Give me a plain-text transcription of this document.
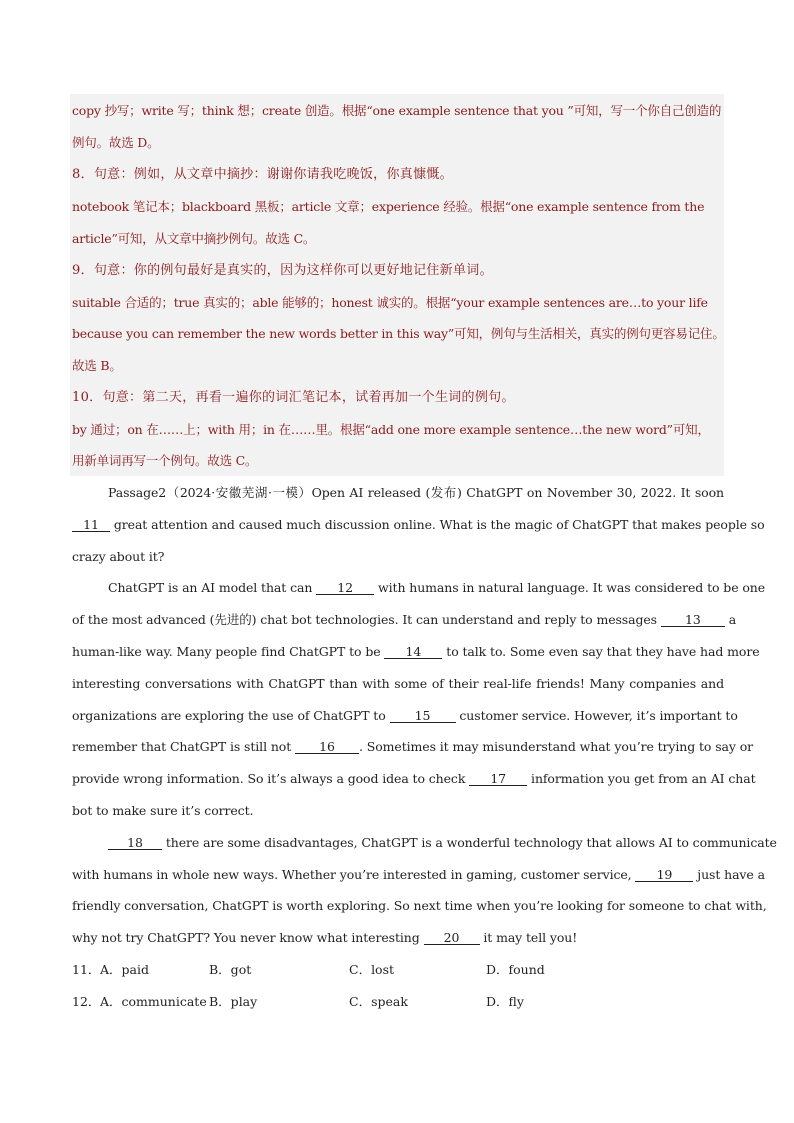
copy 抄写；write 写；think 想；create 创造。根据“one example sentence that you ”可知，写一个你自己创造的
例句。故选 D。
8．句意：例如，从文章中摘抄：谢谢你请我吃晚饭，你真慷慨。
notebook 笔记本；blackboard 黑板；article 文章；experience 经验。根据“one example sentence from the
article”可知，从文章中摘抄例句。故选 C。
9．句意：你的例句最好是真实的，因为这样你可以更好地记住新单词。
suitable 合适的；true 真实的；able 能够的；honest 诚实的。根据“your example sentences are…to your life
because you can remember the new words better in this way”可知，例句与生活相关，真实的例句更容易记住。
故选 B。
10．句意：第二天，再看一遍你的词汇笔记本，试着再加一个生词的例句。
by 通过；on 在……上；with 用；in 在……里。根据“add one more example sentence…the new word”可知，
用新单词再写一个例句。故选 C。
Passage2（2024·安徽芜湖·一模）Open AI released (发布) ChatGPT on November 30, 2022. It soon
11 great attention and caused much discussion online. What is the magic of ChatGPT that makes people so
crazy about it?
ChatGPT is an AI model that can 12 with humans in natural language. It was considered to be one
of the most advanced (先进的) chat bot technologies. It can understand and reply to messages 13 a
human-like way. Many people find ChatGPT to be 14 to talk to. Some even say that they have had more
interesting conversations with ChatGPT than with some of their real-life friends! Many companies and
organizations are exploring the use of ChatGPT to 15 customer service. However, it’s important to
remember that ChatGPT is still not 16 . Sometimes it may misunderstand what you’re trying to say or
provide wrong information. So it’s always a good idea to check 17 information you get from an AI chat
bot to make sure it’s correct.
18 there are some disadvantages, ChatGPT is a wonderful technology that allows AI to communicate
with humans in whole new ways. Whether you’re interested in gaming, customer service, 19 just have a
friendly conversation, ChatGPT is worth exploring. So next time when you’re looking for someone to chat with,
why not try ChatGPT? You never know what interesting 20 it may tell you!
11． A．paid	B．got	C．lost	D．found
12． A．communicate B．play	C．speak	D．fly
